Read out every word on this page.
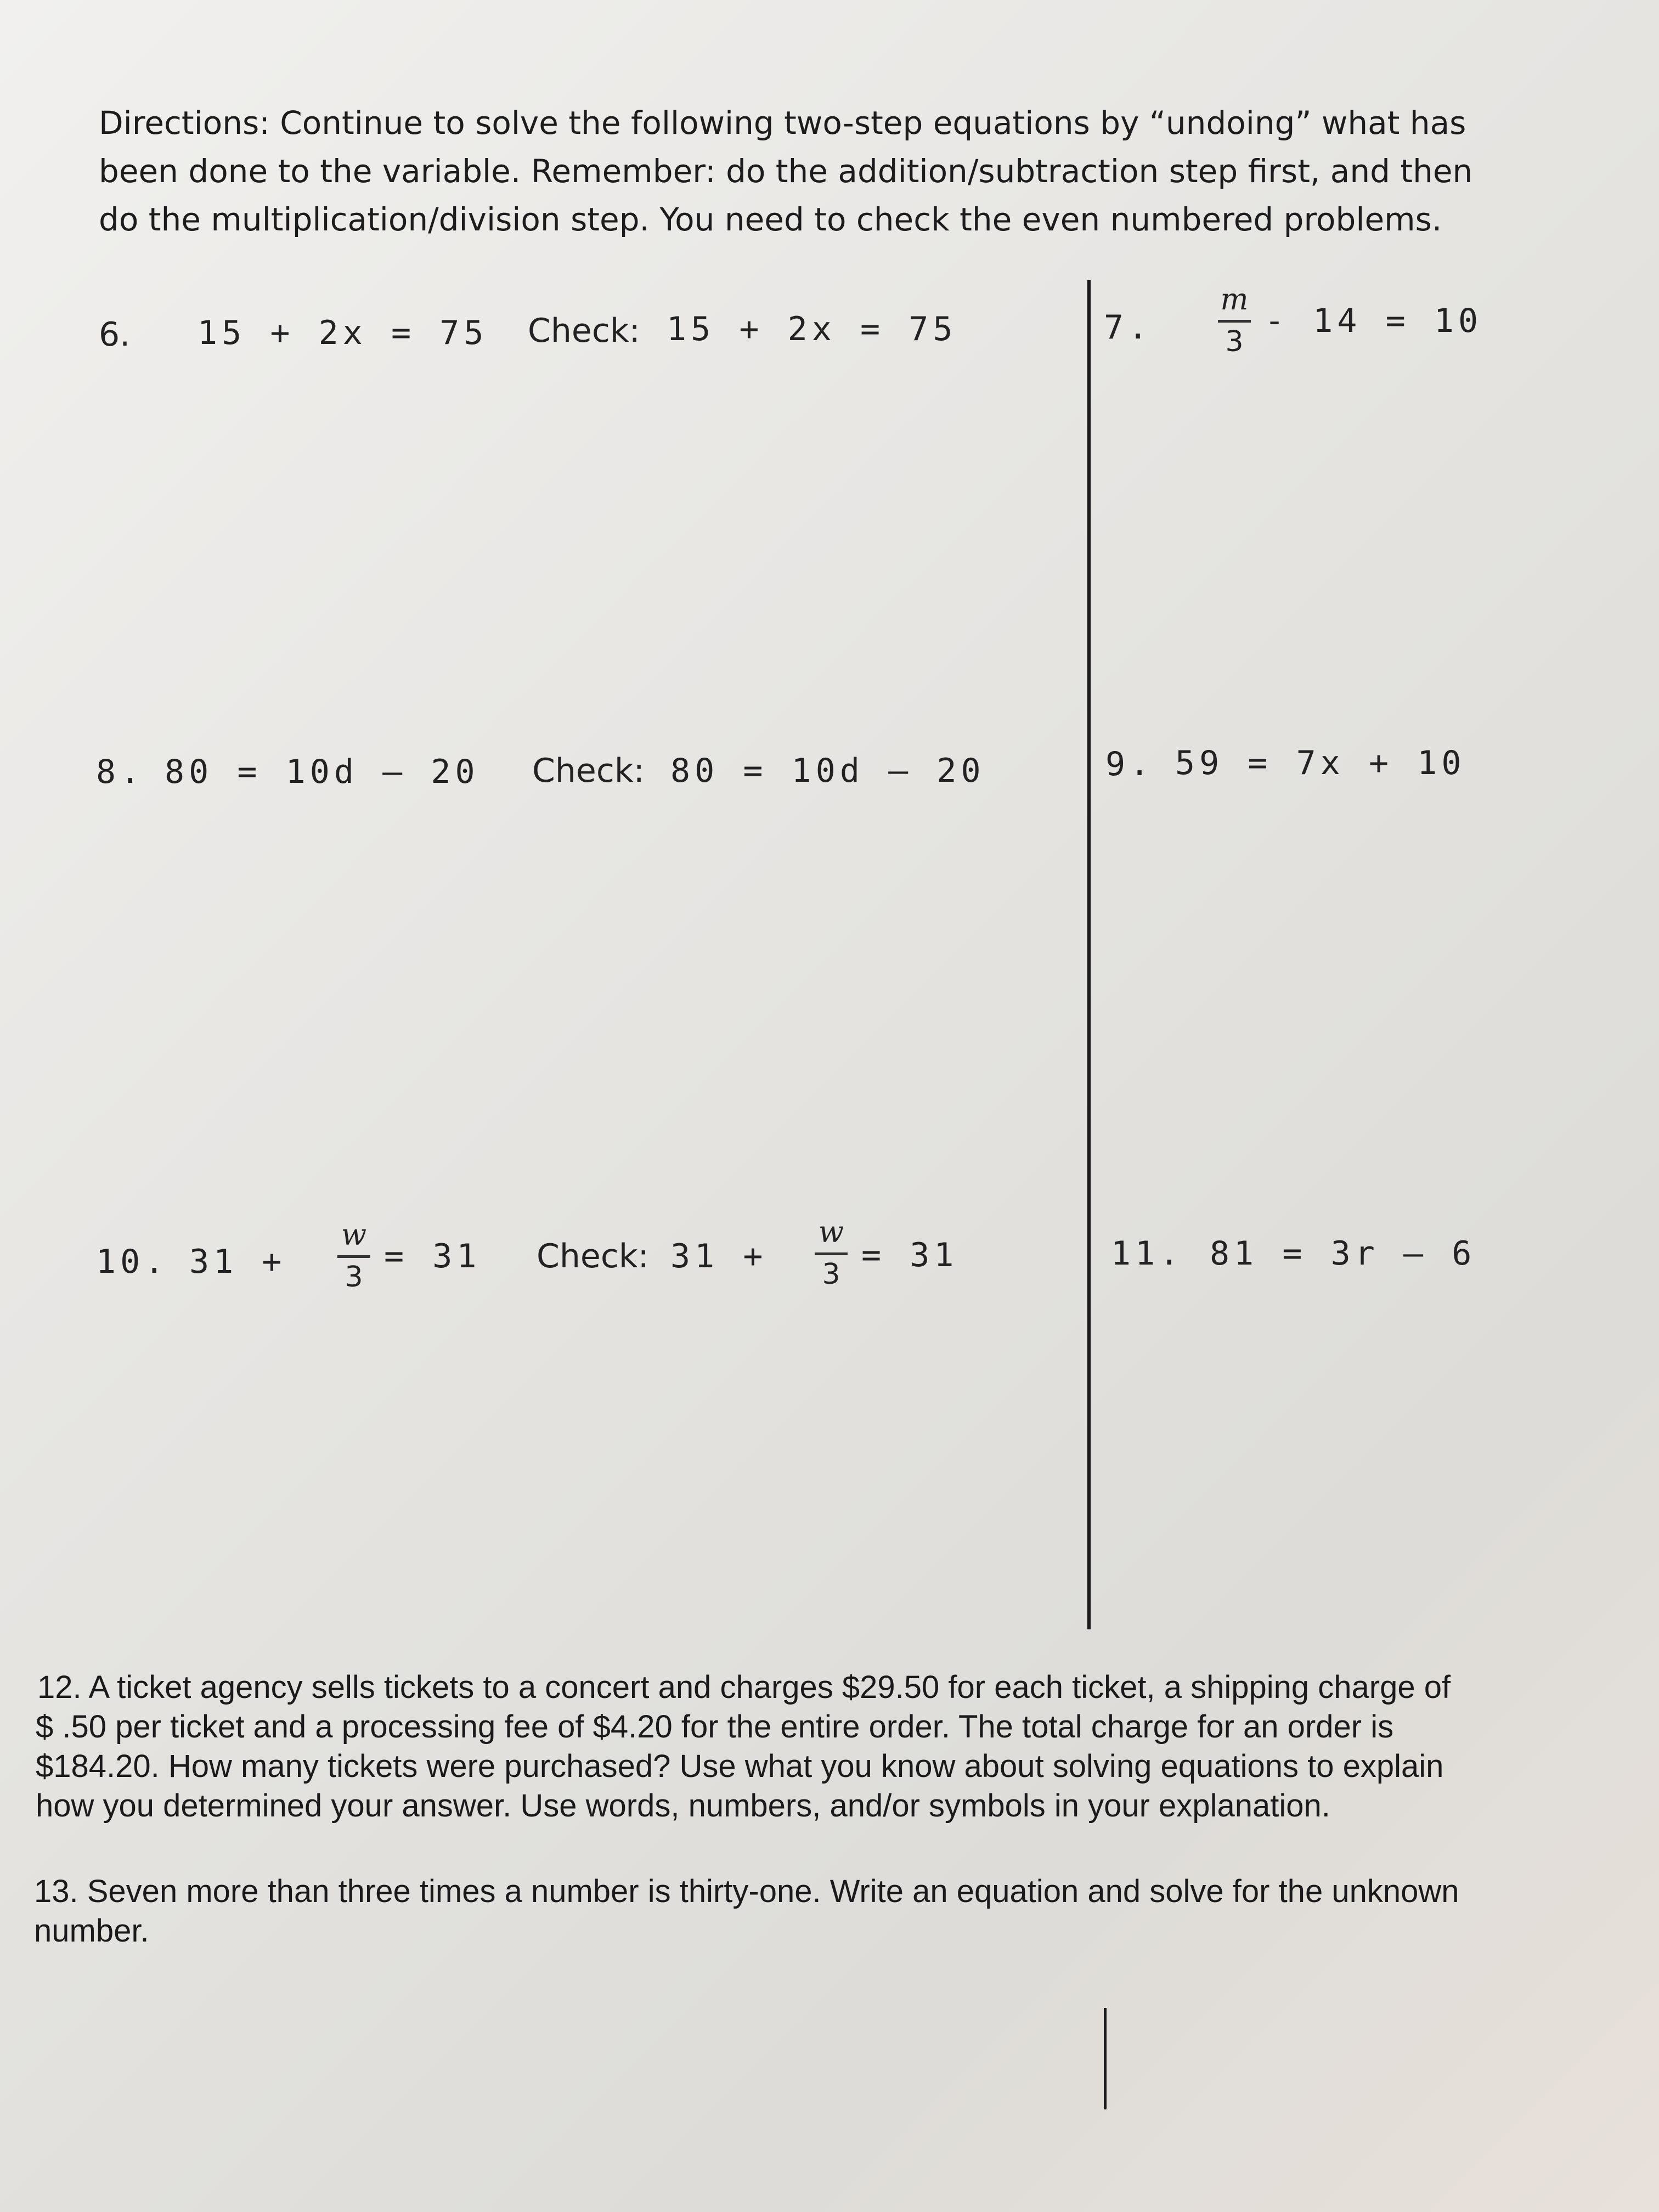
Directions: Continue to solve the following two-step equations by “undoing” what has
been done to the variable. Remember: do the addition/subtraction step first, and then
do the multiplication/division step. You need to check the even numbered problems.
6. 15 + 2x = 75 Check: 15 + 2x = 75	7.
m
3
- 14 = 10
8. 80 = 10d – 20 Check: 80 = 10d – 20	9. 59 = 7x + 10
10. 31 +
w
3
= 31 Check: 31 +
w
3 = 31	11. 81 = 3r – 6
12. A ticket agency sells tickets to a concert and charges $29.50 for each ticket, a shipping charge of
$ .50 per ticket and a processing fee of $4.20 for the entire order. The total charge for an order is
$184.20. How many tickets were purchased? Use what you know about solving equations to explain
how you determined your answer. Use words, numbers, and/or symbols in your explanation.
13. Seven more than three times a number is thirty-one. Write an equation and solve for the unknown
number.
